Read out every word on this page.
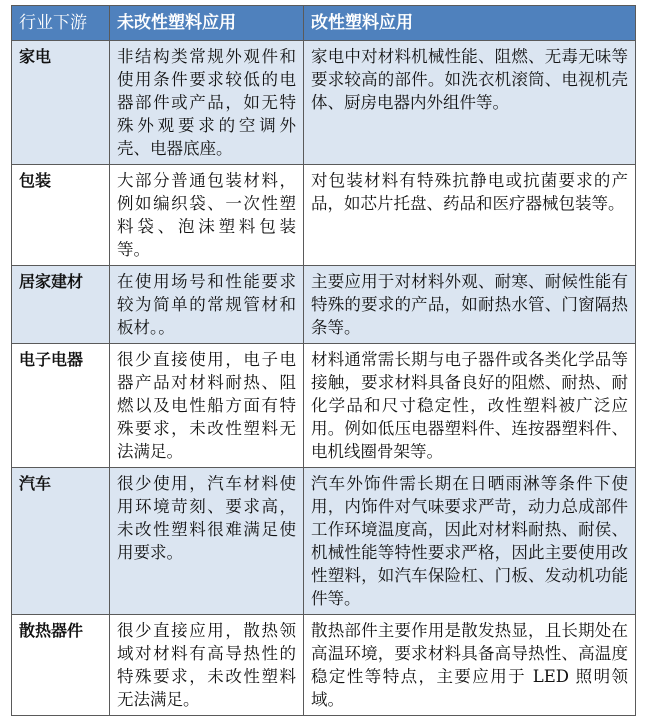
行业下游	未改性塑料应用	改性塑料应用
家电	非结构类常规外观件和使用条件要求较低的电器部件或产品，如无特殊外观要求的空调外壳、电器底座。	家电中对材料机械性能、阻燃、无毒无味等要求较高的部件。如洗衣机滚筒、电视机壳体、厨房电器内外组件等。
包装	大部分普通包装材料，例如编织袋、一次性塑料袋、泡沫塑料包装等。	对包装材料有特殊抗静电或抗菌要求的产品，如芯片托盘、药品和医疗器械包装等。
居家建材	在使用场号和性能要求较为简单的常规管材和板材。。	主要应用于对材料外观、耐寒、耐候性能有特殊的要求的产品，如耐热水管、门窗隔热条等。
电子电器	很少直接使用，电子电器产品对材料耐热、阻燃以及电性船方面有特殊要求，未改性塑料无法满足。	材料通常需长期与电子器件或各类化学品等接触，要求材料具备良好的阻燃、耐热、耐化学品和尺寸稳定性，改性塑料被广泛应用。例如低压电器塑料件、连按器塑料件、电机线圈骨架等。
汽车	很少使用，汽车材料使用环境苛刻、要求高，未改性塑料很难满足使用要求。	汽车外饰件需长期在日晒雨淋等条件下使用，内饰件对气味要求严苛，动力总成部件工作环境温度高，因此对材料耐热、耐侯、机械性能等特性要求严格，因此主要使用改性塑料，如汽车保险杠、门板、发动机功能件等。
散热器件	很少直接应用，散热领域对材料有高导热性的特殊要求，未改性塑料无法满足。	散热部件主要作用是散发热显，且长期处在高温环境，要求材料具备高导热性、高温度稳定性等特点，主要应用于 LED 照明领域。
